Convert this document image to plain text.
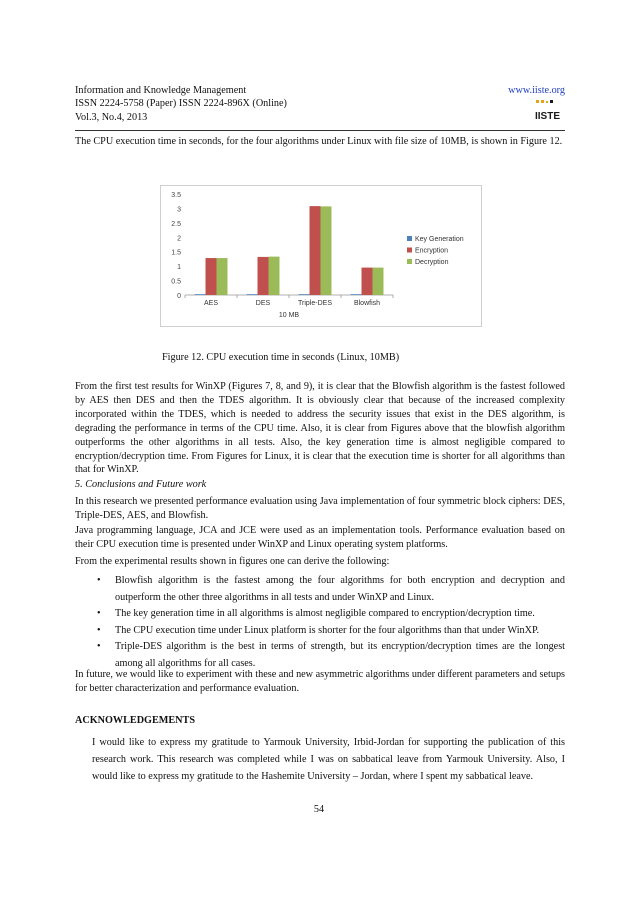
Information and Knowledge Management
ISSN 2224-5758 (Paper) ISSN 2224-896X (Online)
Vol.3, No.4, 2013
www.iiste.org
IISTE
The CPU execution time in seconds, for the four algorithms under Linux with file size of 10MB, is shown in Figure 12.
0
0.5
1
1.5
2
2.5
3
3.5
AES	DES	Triple-DES	Blowfish
10 MB
Key Generation
Encryption
Decryption
Figure 12. CPU execution time in seconds (Linux, 10MB)
From the first test results for WinXP (Figures 7, 8, and 9), it is clear that the Blowfish algorithm is the fastest followed by AES then DES and then the TDES algorithm. It is obviously clear that because of the increased complexity incorporated within the TDES, which is needed to address the security issues that exist in the DES algorithm, is degrading the performance in terms of the CPU time. Also, it is clear from Figures above that the blowfish algorithm outperforms the other algorithms in all tests. Also, the key generation time is almost negligible compared to encryption/decryption time. From Figures for Linux, it is clear that the execution time is shorter for all algorithms than that for WinXP.
5. Conclusions and Future work
In this research we presented performance evaluation using Java implementation of four symmetric block ciphers: DES, Triple-DES, AES, and Blowfish.
Java programming language, JCA and JCE were used as an implementation tools. Performance evaluation based on their CPU execution time is presented under WinXP and Linux operating system platforms.
From the experimental results shown in figures one can derive the following:
• Blowfish algorithm is the fastest among the four algorithms for both encryption and decryption and outperform the other three algorithms in all tests and under WinXP and Linux.
• The key generation time in all algorithms is almost negligible compared to encryption/decryption time.
• The CPU execution time under Linux platform is shorter for the four algorithms than that under WinXP.
• Triple-DES algorithm is the best in terms of strength, but its encryption/decryption times are the longest among all algorithms for all cases.
In future, we would like to experiment with these and new asymmetric algorithms under different parameters and setups for better characterization and performance evaluation.
ACKNOWLEDGEMENTS
I would like to express my gratitude to Yarmouk University, Irbid-Jordan for supporting the publication of this research work. This research was completed while I was on sabbatical leave from Yarmouk University. Also, I would like to express my gratitude to the Hashemite University – Jordan, where I spent my sabbatical leave.
54
